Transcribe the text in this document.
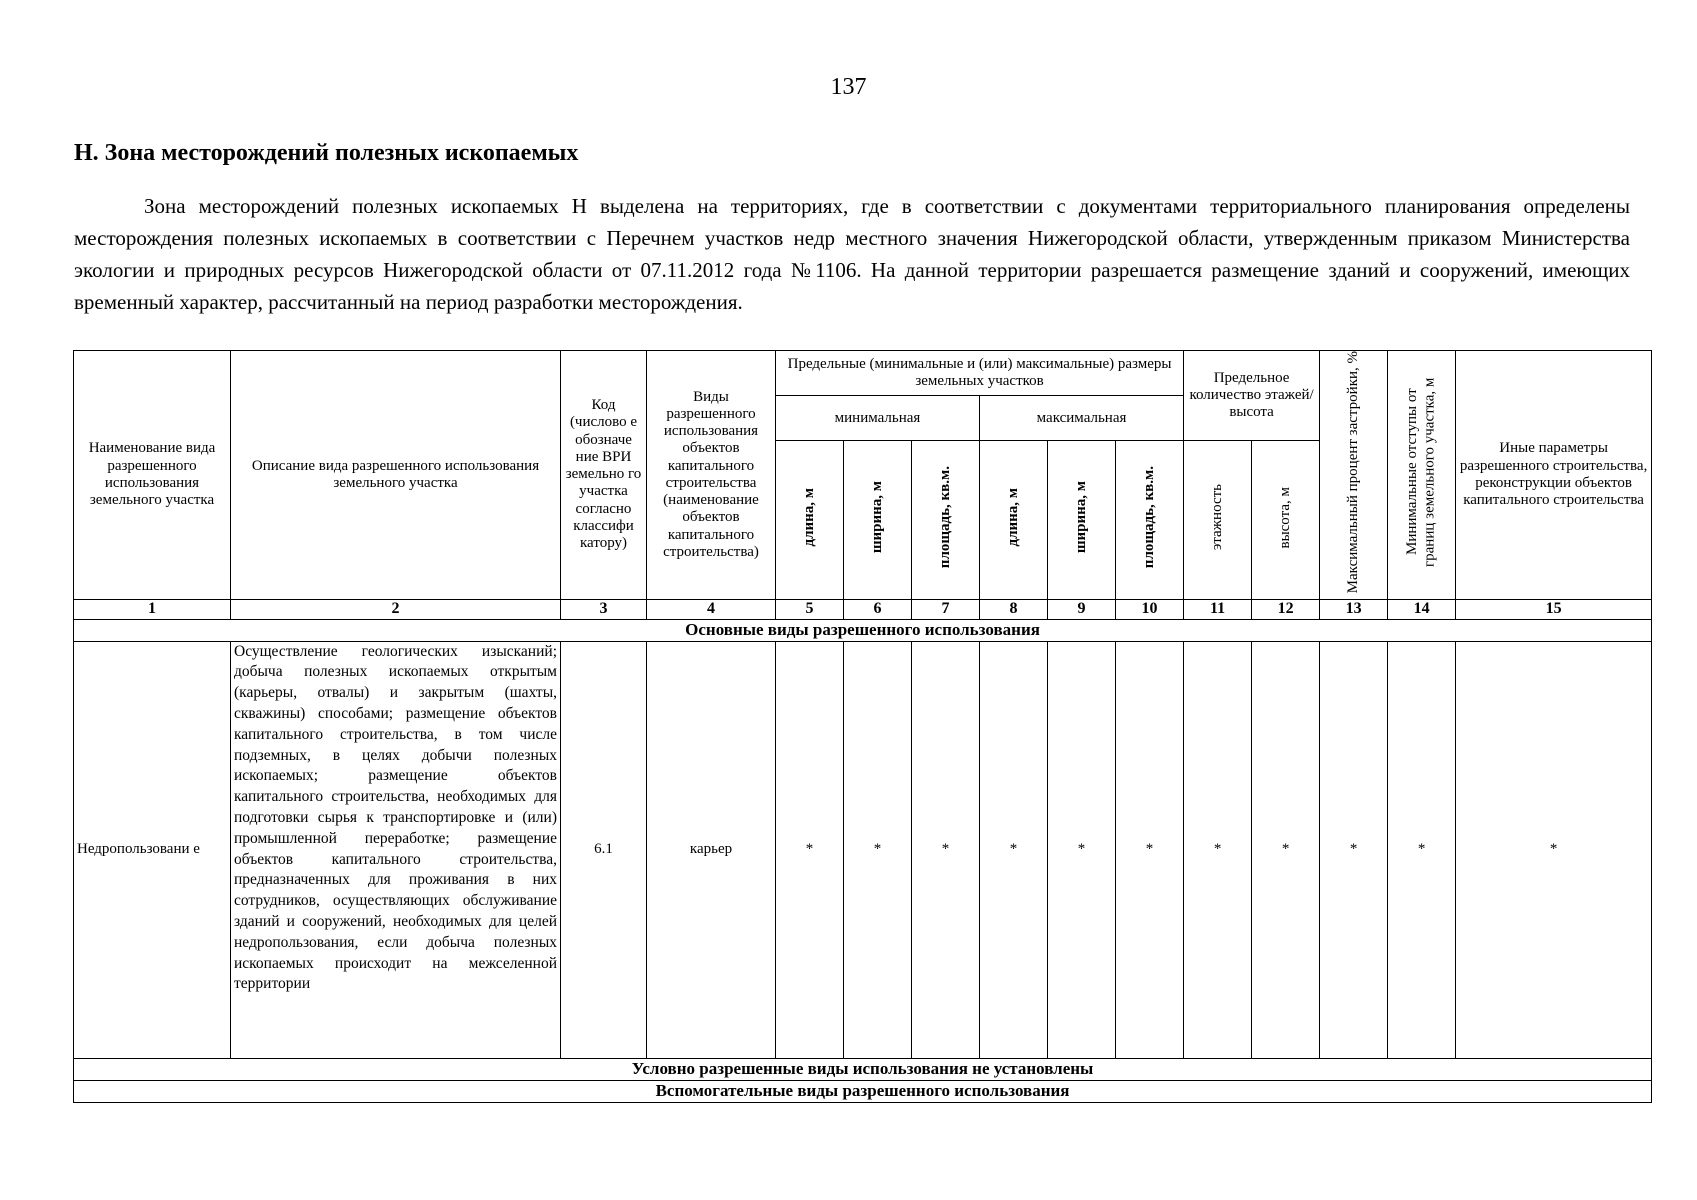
137
Н. Зона месторождений полезных ископаемых
Зона месторождений полезных ископаемых Н выделена на территориях, где в соответствии с документами территориального планирования определены месторождения полезных ископаемых в соответствии с Перечнем участков недр местного значения Нижегородской области, утвержденным приказом Министерства экологии и природных ресурсов Нижегородской области от 07.11.2012 года №1106. На данной территории разрешается размещение зданий и сооружений, имеющих временный характер, рассчитанный на период разработки месторождения.
Наименование вида разрешенного использования земельного участка	Описание вида разрешенного использования земельного участка	Код (числово е обозначе ние ВРИ земельно го участка согласно классифи катору)	Виды разрешенного использования объектов капитального строительства (наименование объектов капитального строительства)	Предельные (минимальные и (или) максимальные) размеры земельных участков						Предельное количество этажей/ высота		Максимальный процент застройки, %	Минимальные отступы от границ земельного участка, м	Иные параметры разрешенного строительства, реконструкции объектов капитального строительства
				минимальная			максимальная							
				длина, м	ширина, м	площадь, кв.м.	длина, м	ширина, м	площадь, кв.м.	этажность	высота, м			
1	2	3	4	5	6	7	8	9	10	11	12	13	14	15
Основные виды разрешенного использования														
Недропользовани е	Осуществление геологических изысканий; добыча полезных ископаемых открытым (карьеры, отвалы) и закрытым (шахты, скважины) способами; размещение объектов капитального строительства, в том числе подземных, в целях добычи полезных ископаемых; размещение объектов капитального строительства, необходимых для подготовки сырья к транспортировке и (или) промышленной переработке; размещение объектов капитального строительства, предназначенных для проживания в них сотрудников, осуществляющих обслуживание зданий и сооружений, необходимых для целей недропользования, если добыча полезных ископаемых происходит на межселенной территории	6.1	карьер	*	*	*	*	*	*	*	*	*	*	*
Условно разрешенные виды использования не установлены														
Вспомогательные виды разрешенного использования														
